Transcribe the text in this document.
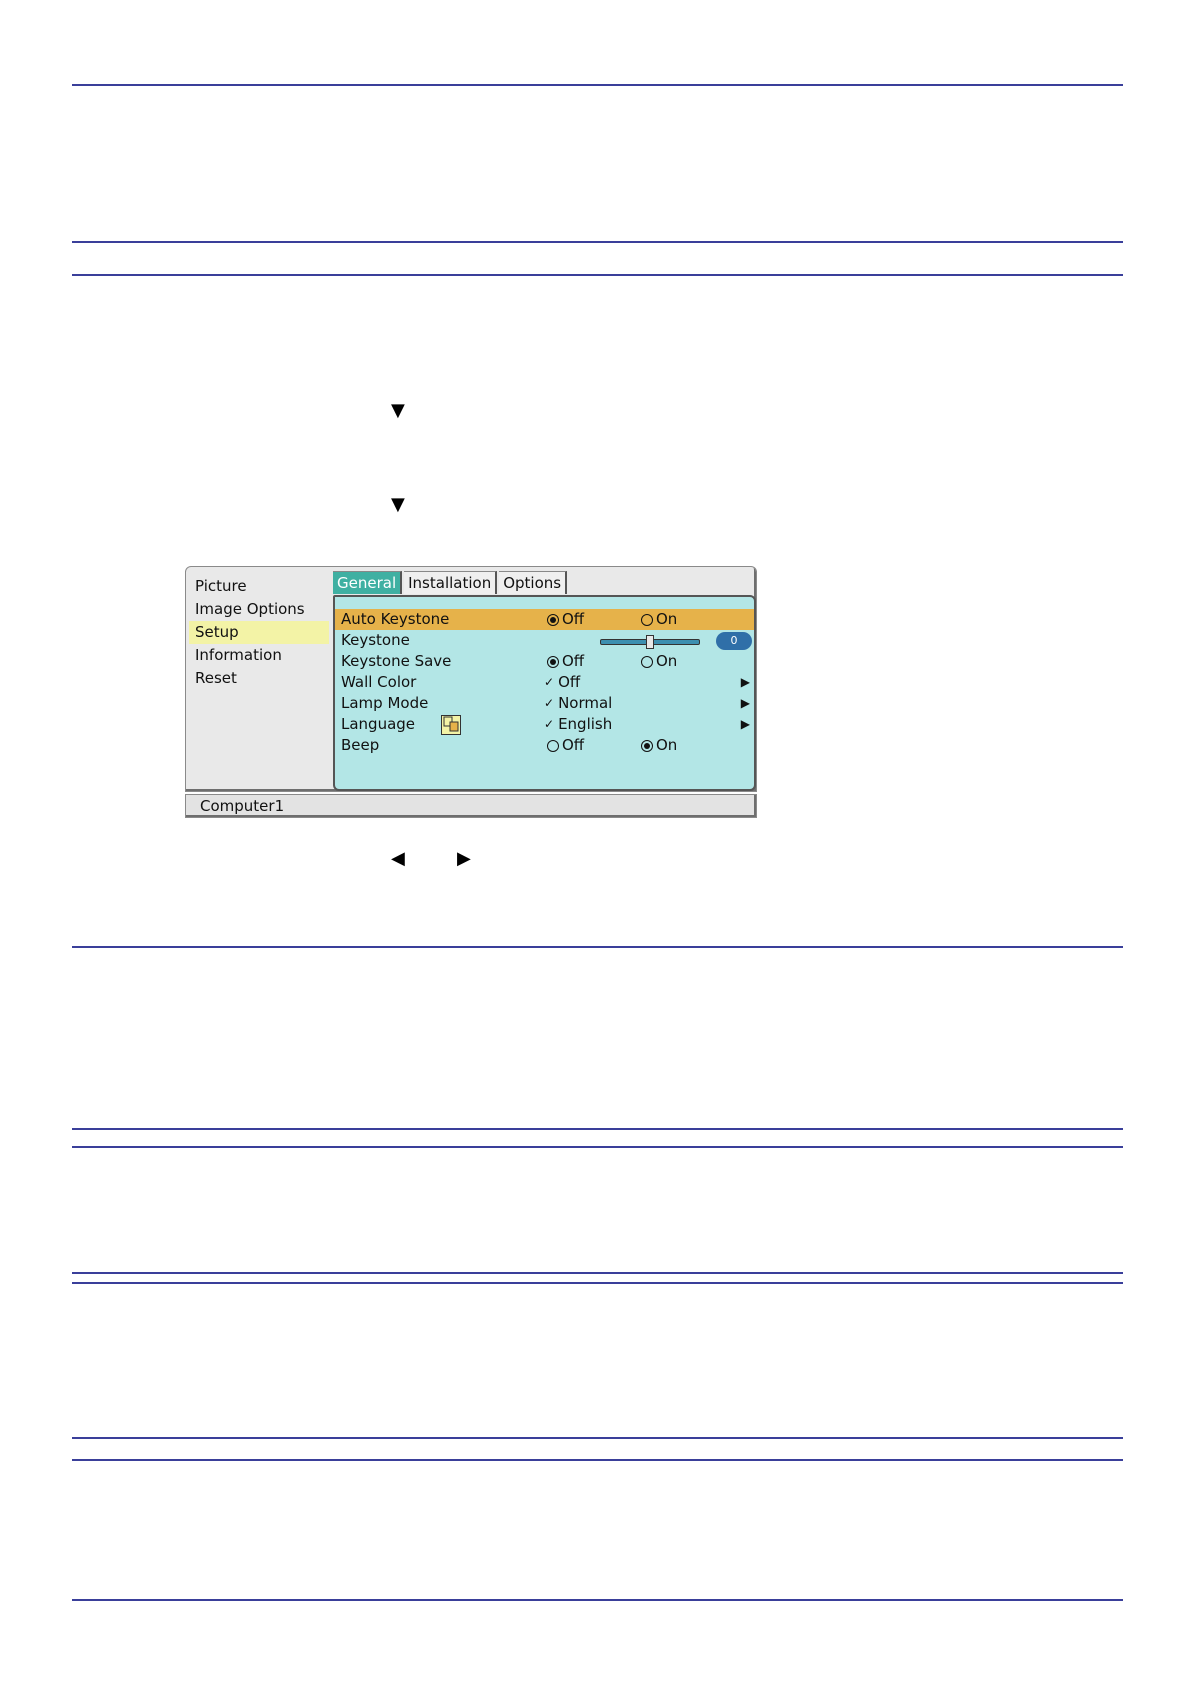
▼
▼
◀	▶
Picture
Image Options
Setup
Information
Reset
General Installation Options
Auto Keystone	Off	On
Keystone	0
Keystone Save	Off	On
Wall Color	✓ Off	▶
Lamp Mode	✓ Normal	▶
Language	✓ English	▶
Beep	Off	On
Computer1
